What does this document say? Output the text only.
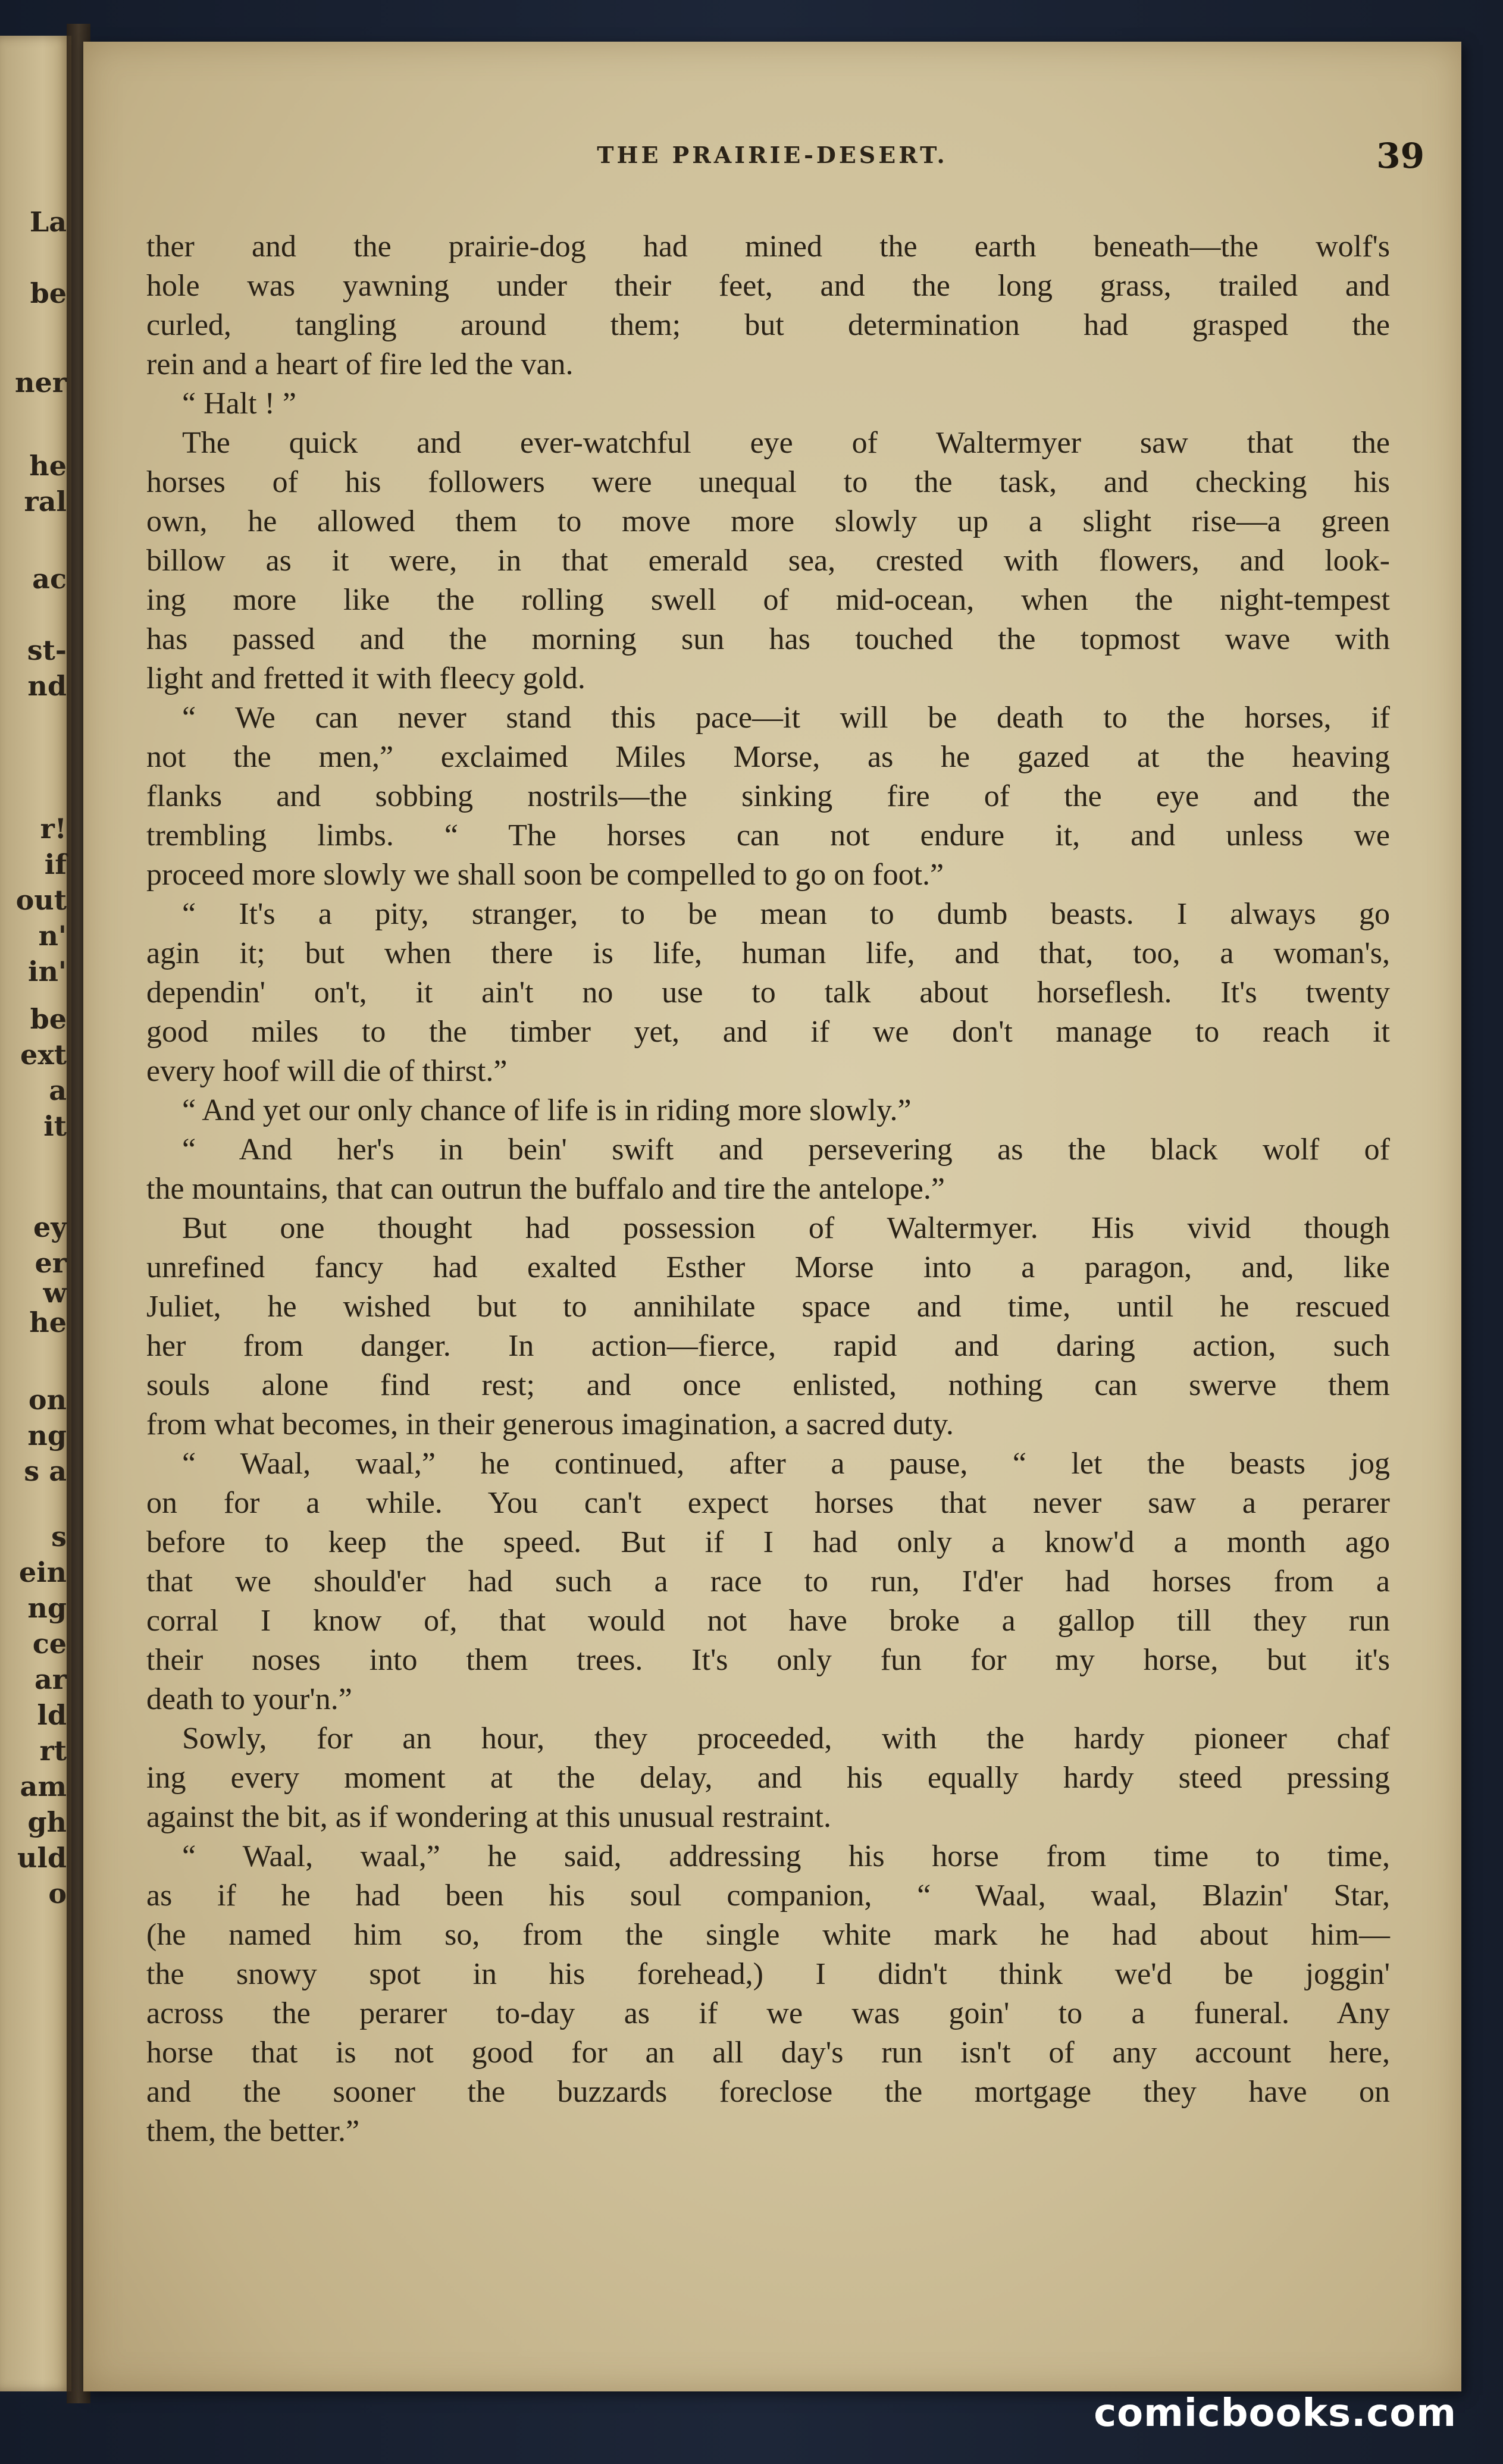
La
be
ner
he
ral
ac
st-
nd
r!
if
out
n'
in'
be
ext
a
it
ey
er
w
he
on
ng
s a
s
ein
ng
ce
ar
ld
rt
am
gh
uld
o
THE PRAIRIE-DESERT.	39
ther and the prairie-dog had mined the earth beneath—the wolf's
hole was yawning under their feet, and the long grass, trailed and
curled, tangling around them; but determination had grasped the
rein and a heart of fire led the van.
“ Halt ! ”
The quick and ever-watchful eye of Waltermyer saw that the
horses of his followers were unequal to the task, and checking his
own, he allowed them to move more slowly up a slight rise—a green
billow as it were, in that emerald sea, crested with flowers, and look-
ing more like the rolling swell of mid-ocean, when the night-tempest
has passed and the morning sun has touched the topmost wave with
light and fretted it with fleecy gold.
“ We can never stand this pace—it will be death to the horses, if
not the men,” exclaimed Miles Morse, as he gazed at the heaving
flanks and sobbing nostrils—the sinking fire of the eye and the
trembling limbs. “ The horses can not endure it, and unless we
proceed more slowly we shall soon be compelled to go on foot.”
“ It's a pity, stranger, to be mean to dumb beasts. I always go
agin it; but when there is life, human life, and that, too, a woman's,
dependin' on't, it ain't no use to talk about horseflesh. It's twenty
good miles to the timber yet, and if we don't manage to reach it
every hoof will die of thirst.”
“ And yet our only chance of life is in riding more slowly.”
“ And her's in bein' swift and persevering as the black wolf of
the mountains, that can outrun the buffalo and tire the antelope.”
But one thought had possession of Waltermyer. His vivid though
unrefined fancy had exalted Esther Morse into a paragon, and, like
Juliet, he wished but to annihilate space and time, until he rescued
her from danger. In action—fierce, rapid and daring action, such
souls alone find rest; and once enlisted, nothing can swerve them
from what becomes, in their generous imagination, a sacred duty.
“ Waal, waal,” he continued, after a pause, “ let the beasts jog
on for a while. You can't expect horses that never saw a perarer
before to keep the speed. But if I had only a know'd a month ago
that we should'er had such a race to run, I'd'er had horses from a
corral I know of, that would not have broke a gallop till they run
their noses into them trees. It's only fun for my horse, but it's
death to your'n.”
Sowly, for an hour, they proceeded, with the hardy pioneer chaf
ing every moment at the delay, and his equally hardy steed pressing
against the bit, as if wondering at this unusual restraint.
“ Waal, waal,” he said, addressing his horse from time to time,
as if he had been his soul companion, “ Waal, waal, Blazin' Star,
(he named him so, from the single white mark he had about him—
the snowy spot in his forehead,) I didn't think we'd be joggin'
across the perarer to-day as if we was goin' to a funeral. Any
horse that is not good for an all day's run isn't of any account here,
and the sooner the buzzards foreclose the mortgage they have on
them, the better.”
comicbooks.com
